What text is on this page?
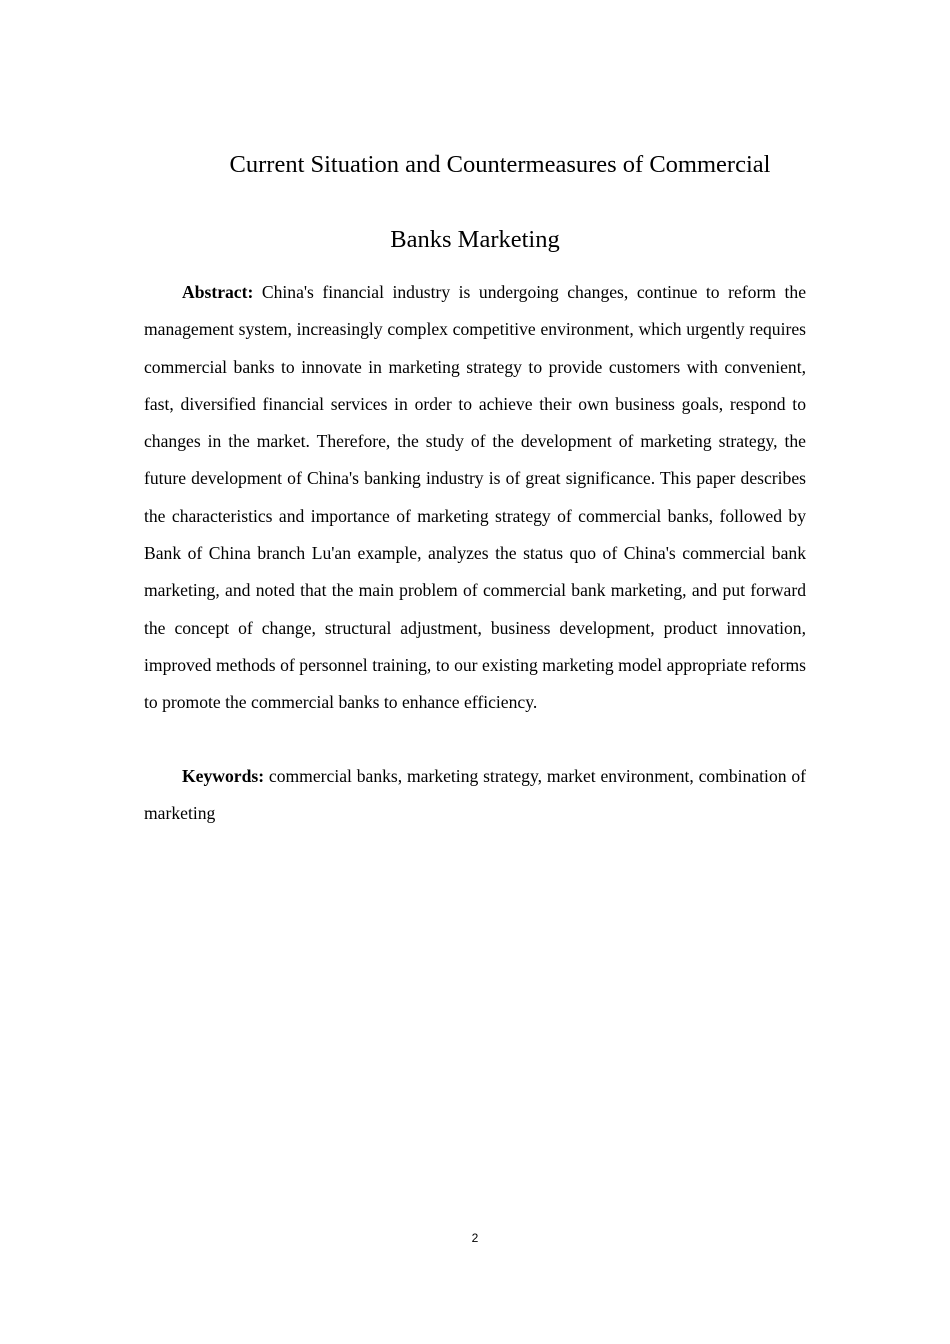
Current Situation and Countermeasures of Commercial
Banks Marketing

Abstract: China's financial industry is undergoing changes, continue to reform the management system, increasingly complex competitive environment, which urgently requires commercial banks to innovate in marketing strategy to provide customers with convenient, fast, diversified financial services in order to achieve their own business goals, respond to changes in the market. Therefore, the study of the development of marketing strategy, the future development of China's banking industry is of great significance. This paper describes the characteristics and importance of marketing strategy of commercial banks, followed by Bank of China branch Lu'an example, analyzes the status quo of China's commercial bank marketing, and noted that the main problem of commercial bank marketing, and put forward the concept of change, structural adjustment, business development, product innovation, improved methods of personnel training, to our existing marketing model appropriate reforms to promote the commercial banks to enhance efficiency.

Keywords: commercial banks, marketing strategy, market environment, combination of marketing

2
